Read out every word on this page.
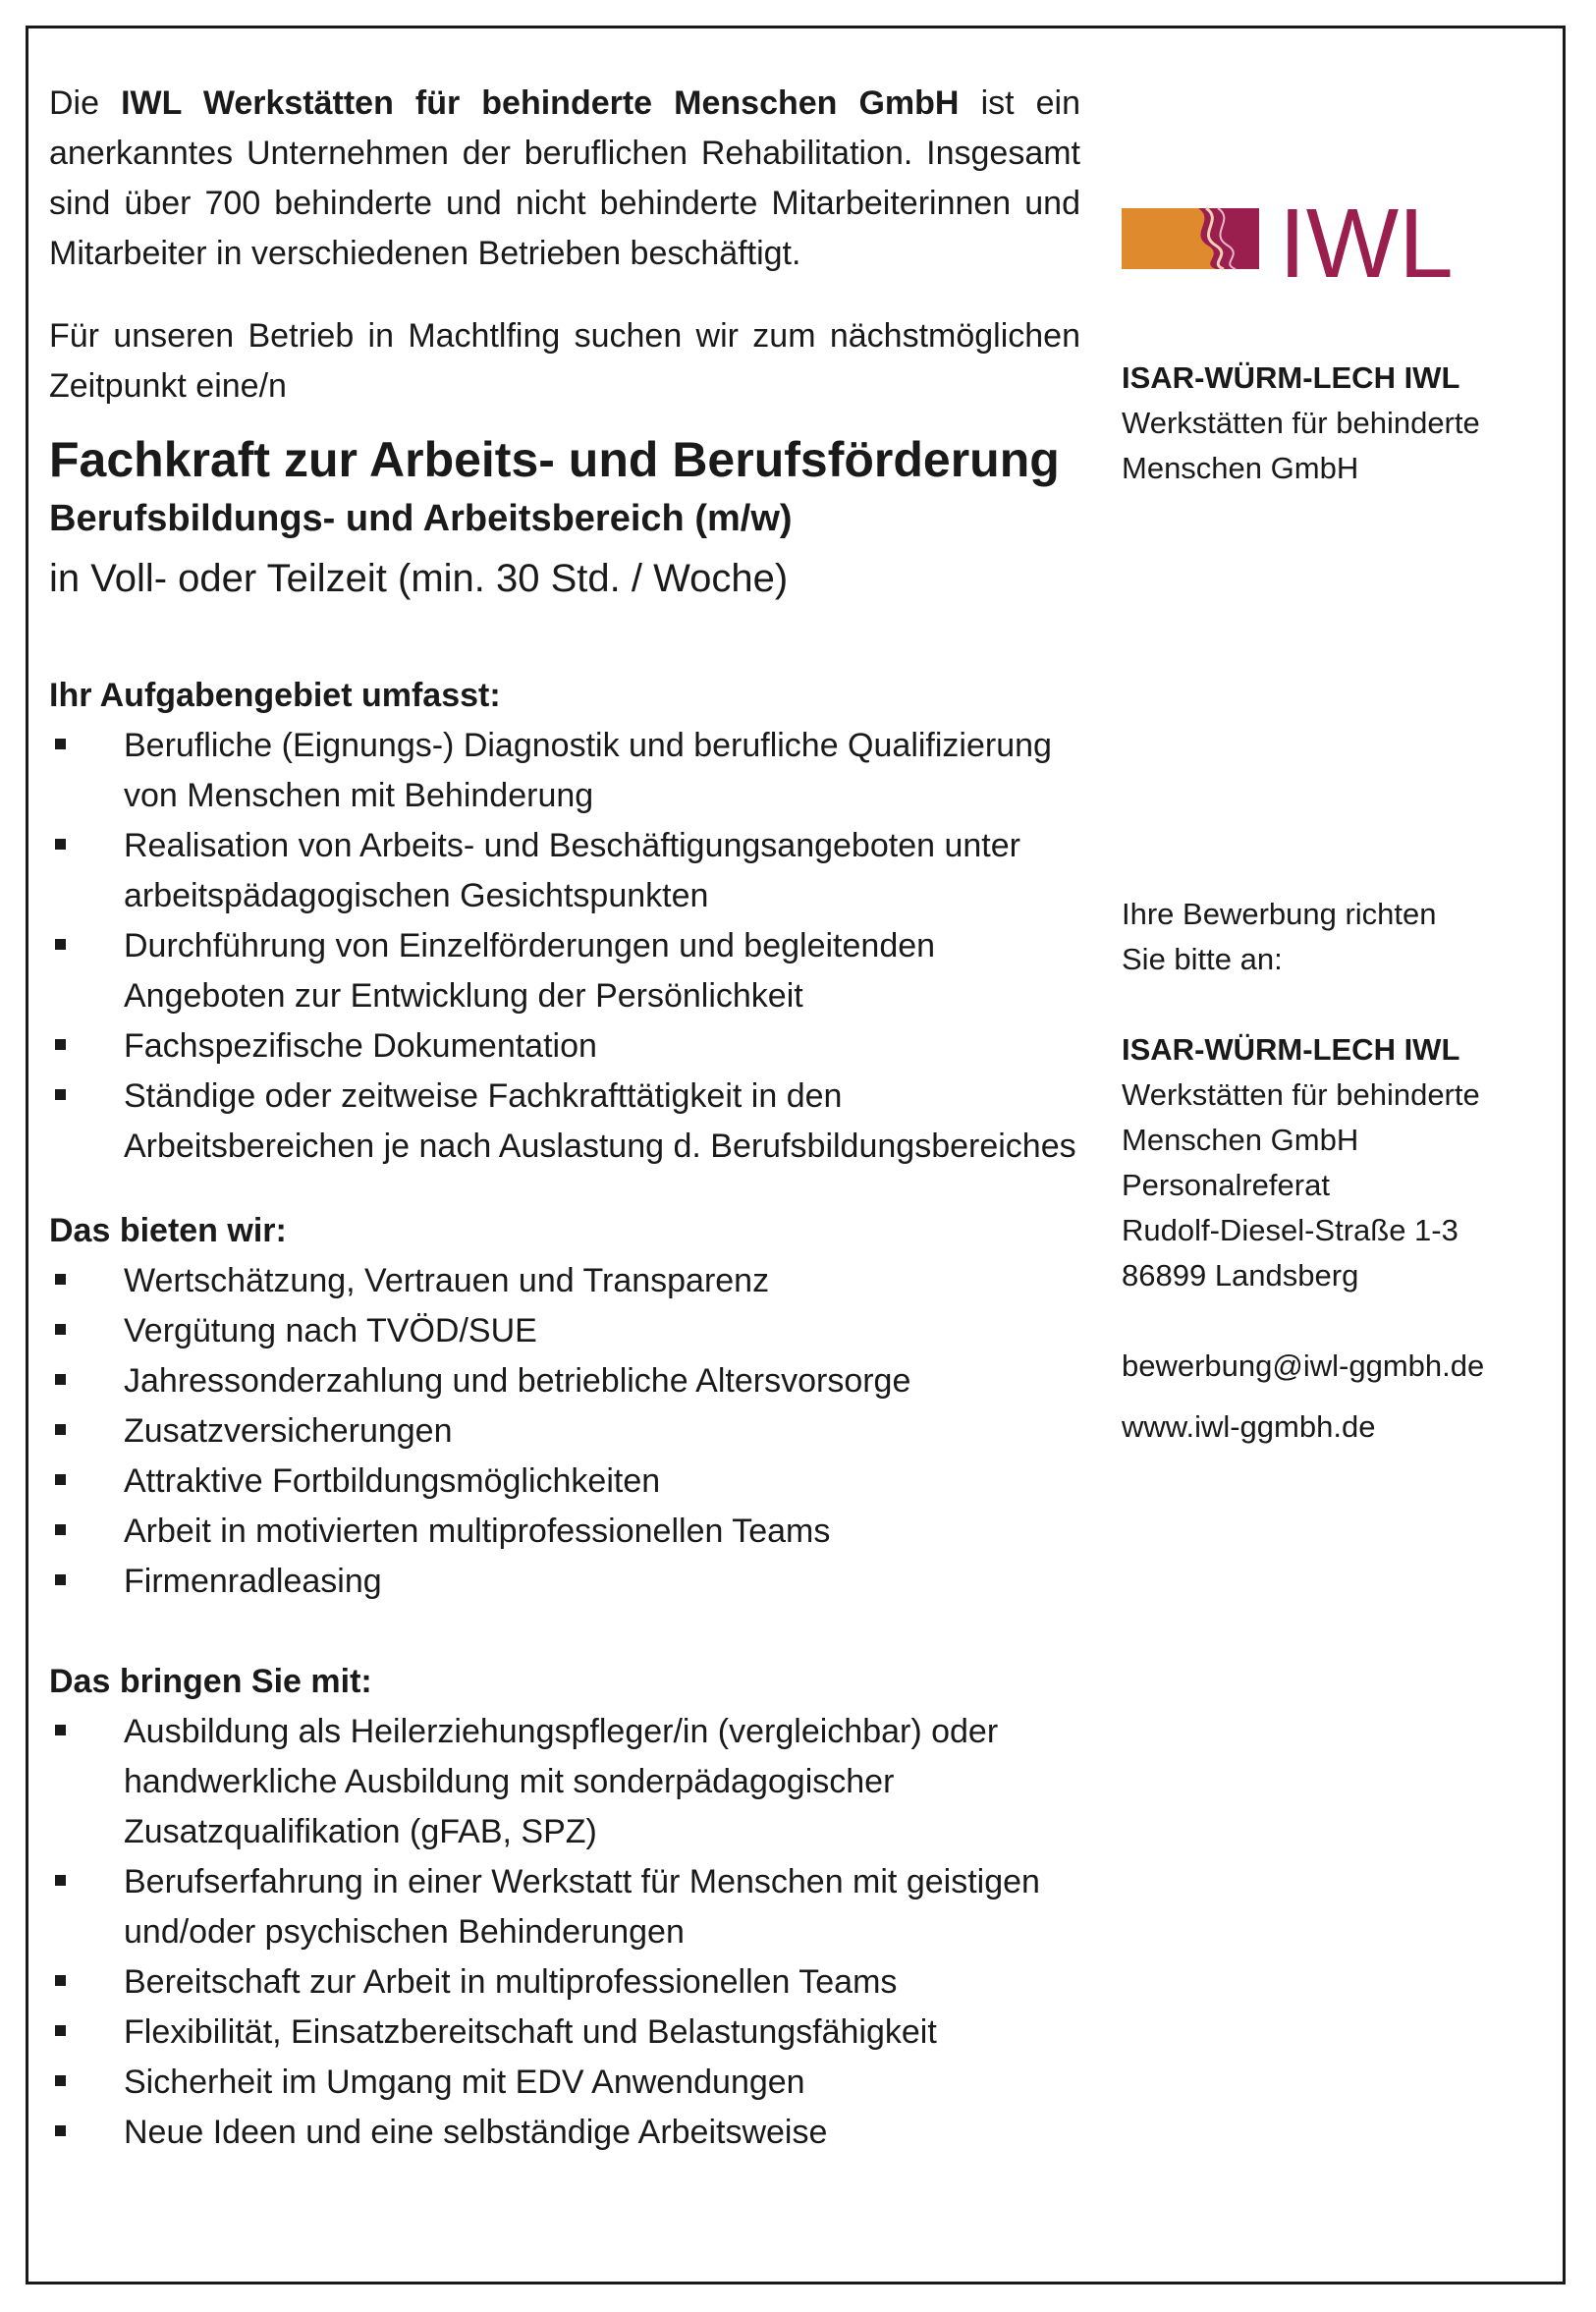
Die IWL Werkstätten für behinderte Menschen GmbH ist ein anerkanntes Unternehmen der beruflichen Rehabilitation. Insgesamt sind über 700 behinderte und nicht behinderte Mitarbeiterinnen und Mitarbeiter in verschiedenen Betrieben beschäftigt.

Für unseren Betrieb in Machtlfing suchen wir zum nächstmöglichen Zeitpunkt eine/n

Fachkraft zur Arbeits- und Berufsförderung
Berufsbildungs- und Arbeitsbereich (m/w)

in Voll- oder Teilzeit (min. 30 Std. / Woche)

Ihr Aufgabengebiet umfasst:
Berufliche (Eignungs-) Diagnostik und berufliche Qualifizierung von Menschen mit Behinderung
Realisation von Arbeits- und Beschäftigungsangeboten unter arbeitspädagogischen Gesichtspunkten
Durchführung von Einzelförderungen und begleitenden Angeboten zur Entwicklung der Persönlichkeit
Fachspezifische Dokumentation
Ständige oder zeitweise Fachkrafttätigkeit in den Arbeitsbereichen je nach Auslastung d. Berufsbildungsbereiches
Das bieten wir:
Wertschätzung, Vertrauen und Transparenz
Vergütung nach TVÖD/SUE
Jahressonderzahlung und betriebliche Altersvorsorge
Zusatzversicherungen
Attraktive Fortbildungsmöglichkeiten
Arbeit in motivierten multiprofessionellen Teams
Firmenradleasing
Das bringen Sie mit:
Ausbildung als Heilerziehungspfleger/in (vergleichbar) oder handwerkliche Ausbildung mit sonderpädagogischer Zusatzqualifikation (gFAB, SPZ)
Berufserfahrung in einer Werkstatt für Menschen mit geistigen und/oder psychischen Behinderungen
Bereitschaft zur Arbeit in multiprofessionellen Teams
Flexibilität, Einsatzbereitschaft und Belastungsfähigkeit
Sicherheit im Umgang mit EDV Anwendungen
Neue Ideen und eine selbständige Arbeitsweise
IWL
ISAR-WÜRM-LECH IWL
Werkstätten für behinderte
Menschen GmbH
Ihre Bewerbung richten
Sie bitte an:
ISAR-WÜRM-LECH IWL
Werkstätten für behinderte
Menschen GmbH
Personalreferat
Rudolf-Diesel-Straße 1-3
86899 Landsberg
bewerbung@iwl-ggmbh.de
www.iwl-ggmbh.de
